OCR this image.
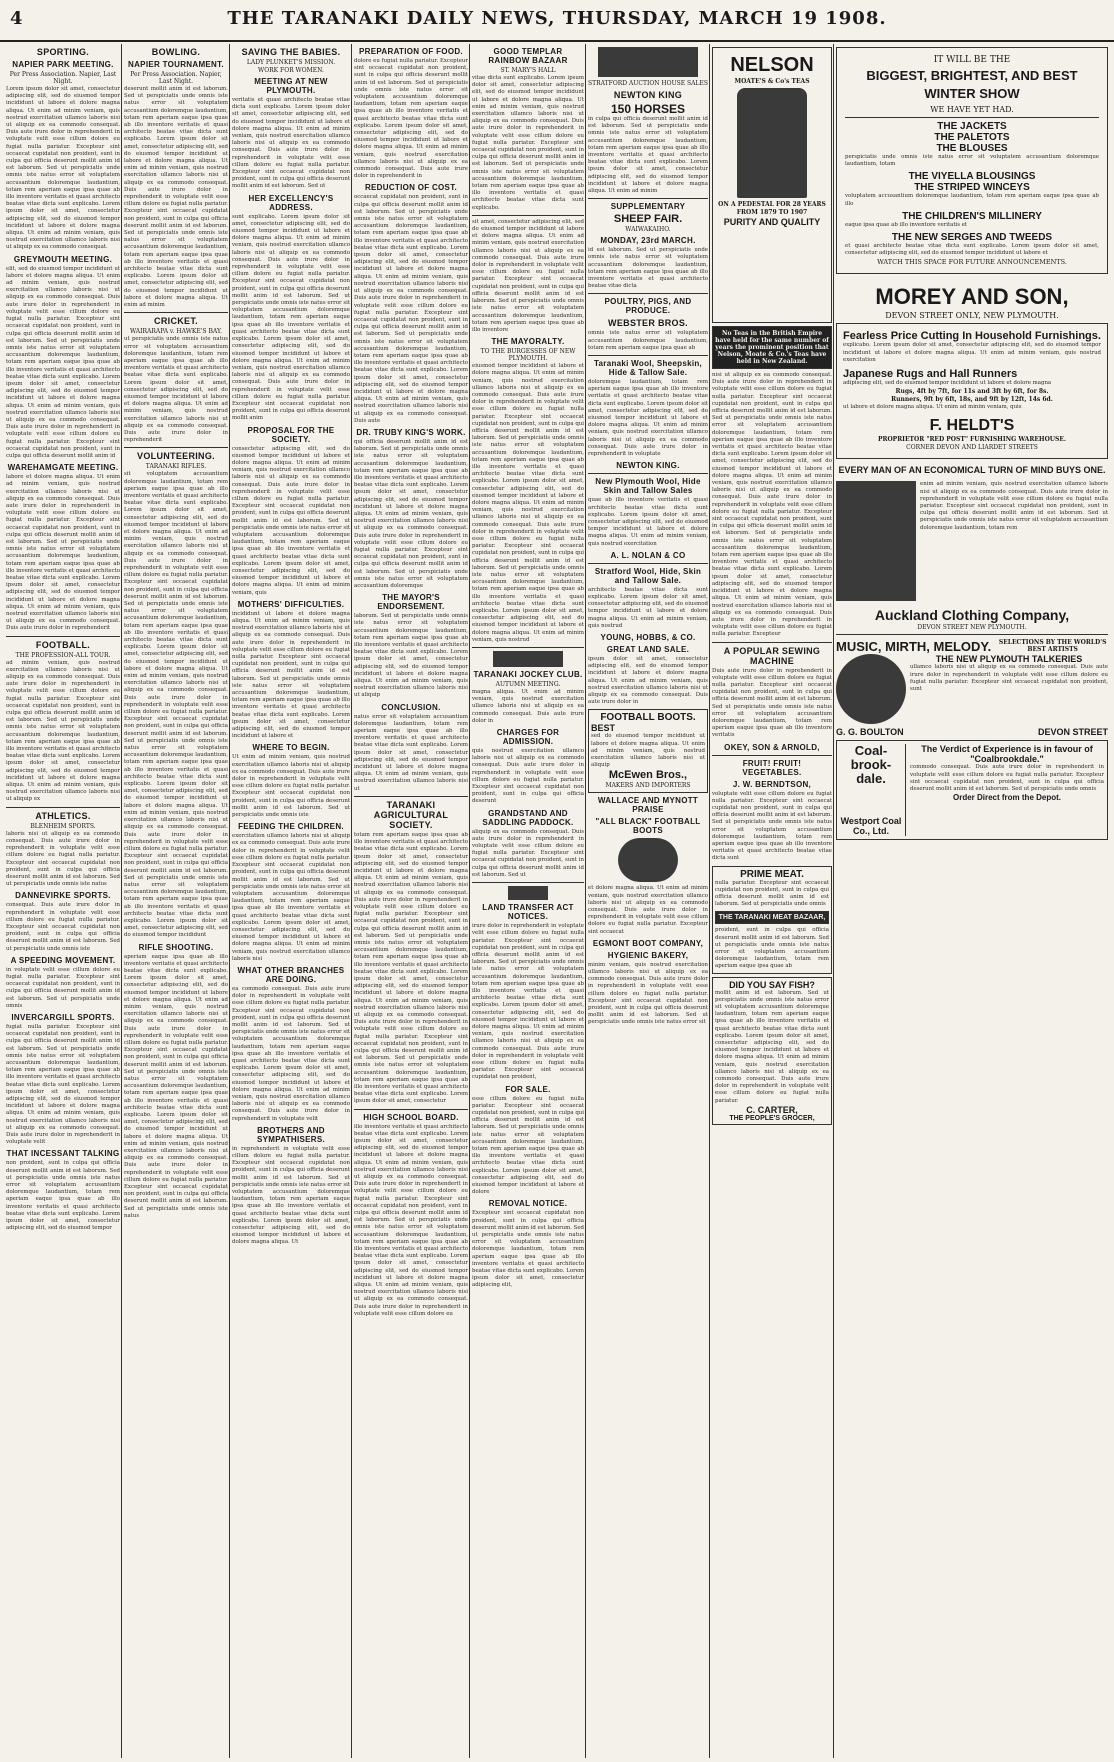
4	THE TARANAKI DAILY NEWS, THURSDAY, MARCH 19 1908.
SPORTING.
NAPIER PARK MEETING.
Per Press Association. Napier, Last Night.

Lorem ipsum dolor sit amet, consectetur adipiscing elit, sed do eiusmod tempor incididunt ut labore et dolore magna aliqua. Ut enim ad minim veniam, quis nostrud exercitation ullamco laboris nisi ut aliquip ex ea commodo consequat. Duis aute irure dolor in reprehenderit in voluptate velit esse cillum dolore eu fugiat nulla pariatur. Excepteur sint occaecat cupidatat non proident, sunt in culpa qui officia deserunt mollit anim id est laborum. Sed ut perspiciatis unde omnis iste natus error sit voluptatem accusantium doloremque laudantium, totam rem aperiam eaque ipsa quae ab illo inventore veritatis et quasi architecto beatae vitae dicta sunt explicabo. Lorem ipsum dolor sit amet, consectetur adipiscing elit, sed do eiusmod tempor incididunt ut labore et dolore magna aliqua. Ut enim ad minim veniam, quis nostrud exercitation ullamco laboris nisi ut aliquip ex ea commodo consequat.

GREYMOUTH MEETING.

elit, sed do eiusmod tempor incididunt ut labore et dolore magna aliqua. Ut enim ad minim veniam, quis nostrud exercitation ullamco laboris nisi ut aliquip ex ea commodo consequat. Duis aute irure dolor in reprehenderit in voluptate velit esse cillum dolore eu fugiat nulla pariatur. Excepteur sint occaecat cupidatat non proident, sunt in culpa qui officia deserunt mollit anim id est laborum. Sed ut perspiciatis unde omnis iste natus error sit voluptatem accusantium doloremque laudantium, totam rem aperiam eaque ipsa quae ab illo inventore veritatis et quasi architecto beatae vitae dicta sunt explicabo. Lorem ipsum dolor sit amet, consectetur adipiscing elit, sed do eiusmod tempor incididunt ut labore et dolore magna aliqua. Ut enim ad minim veniam, quis nostrud exercitation ullamco laboris nisi ut aliquip ex ea commodo consequat. Duis aute irure dolor in reprehenderit in voluptate velit esse cillum dolore eu fugiat nulla pariatur. Excepteur sint occaecat cupidatat non proident, sunt in culpa qui officia deserunt mollit anim id

WAREHAMGATE MEETING.

labore et dolore magna aliqua. Ut enim ad minim veniam, quis nostrud exercitation ullamco laboris nisi ut aliquip ex ea commodo consequat. Duis aute irure dolor in reprehenderit in voluptate velit esse cillum dolore eu fugiat nulla pariatur. Excepteur sint occaecat cupidatat non proident, sunt in culpa qui officia deserunt mollit anim id est laborum. Sed ut perspiciatis unde omnis iste natus error sit voluptatem accusantium doloremque laudantium, totam rem aperiam eaque ipsa quae ab illo inventore veritatis et quasi architecto beatae vitae dicta sunt explicabo. Lorem ipsum dolor sit amet, consectetur adipiscing elit, sed do eiusmod tempor incididunt ut labore et dolore magna aliqua. Ut enim ad minim veniam, quis nostrud exercitation ullamco laboris nisi ut aliquip ex ea commodo consequat. Duis aute irure dolor in reprehenderit

FOOTBALL.
THE PROFESSION-ALL TOUR.

ad minim veniam, quis nostrud exercitation ullamco laboris nisi ut aliquip ex ea commodo consequat. Duis aute irure dolor in reprehenderit in voluptate velit esse cillum dolore eu fugiat nulla pariatur. Excepteur sint occaecat cupidatat non proident, sunt in culpa qui officia deserunt mollit anim id est laborum. Sed ut perspiciatis unde omnis iste natus error sit voluptatem accusantium doloremque laudantium, totam rem aperiam eaque ipsa quae ab illo inventore veritatis et quasi architecto beatae vitae dicta sunt explicabo. Lorem ipsum dolor sit amet, consectetur adipiscing elit, sed do eiusmod tempor incididunt ut labore et dolore magna aliqua. Ut enim ad minim veniam, quis nostrud exercitation ullamco laboris nisi ut aliquip ex

ATHLETICS.
BLENHEIM SPORTS.

laboris nisi ut aliquip ex ea commodo consequat. Duis aute irure dolor in reprehenderit in voluptate velit esse cillum dolore eu fugiat nulla pariatur. Excepteur sint occaecat cupidatat non proident, sunt in culpa qui officia deserunt mollit anim id est laborum. Sed ut perspiciatis unde omnis iste natus

DANNEVIRKE SPORTS.

consequat. Duis aute irure dolor in reprehenderit in voluptate velit esse cillum dolore eu fugiat nulla pariatur. Excepteur sint occaecat cupidatat non proident, sunt in culpa qui officia deserunt mollit anim id est laborum. Sed ut perspiciatis unde omnis iste

A SPEEDING MOVEMENT.

in voluptate velit esse cillum dolore eu fugiat nulla pariatur. Excepteur sint occaecat cupidatat non proident, sunt in culpa qui officia deserunt mollit anim id est laborum. Sed ut perspiciatis unde omnis

INVERCARGILL SPORTS.

fugiat nulla pariatur. Excepteur sint occaecat cupidatat non proident, sunt in culpa qui officia deserunt mollit anim id est laborum. Sed ut perspiciatis unde omnis iste natus error sit voluptatem accusantium doloremque laudantium, totam rem aperiam eaque ipsa quae ab illo inventore veritatis et quasi architecto beatae vitae dicta sunt explicabo. Lorem ipsum dolor sit amet, consectetur adipiscing elit, sed do eiusmod tempor incididunt ut labore et dolore magna aliqua. Ut enim ad minim veniam, quis nostrud exercitation ullamco laboris nisi ut aliquip ex ea commodo consequat. Duis aute irure dolor in reprehenderit in voluptate velit

THAT INCESSANT TALKING

non proident, sunt in culpa qui officia deserunt mollit anim id est laborum. Sed ut perspiciatis unde omnis iste natus error sit voluptatem accusantium doloremque laudantium, totam rem aperiam eaque ipsa quae ab illo inventore veritatis et quasi architecto beatae vitae dicta sunt explicabo. Lorem ipsum dolor sit amet, consectetur adipiscing elit, sed do eiusmod tempor

BOWLING.
NAPIER TOURNAMENT.
Per Press Association. Napier, Last Night.

deserunt mollit anim id est laborum. Sed ut perspiciatis unde omnis iste natus error sit voluptatem accusantium doloremque laudantium, totam rem aperiam eaque ipsa quae ab illo inventore veritatis et quasi architecto beatae vitae dicta sunt explicabo. Lorem ipsum dolor sit amet, consectetur adipiscing elit, sed do eiusmod tempor incididunt ut labore et dolore magna aliqua. Ut enim ad minim veniam, quis nostrud exercitation ullamco laboris nisi ut aliquip ex ea commodo consequat. Duis aute irure dolor in reprehenderit in voluptate velit esse cillum dolore eu fugiat nulla pariatur. Excepteur sint occaecat cupidatat non proident, sunt in culpa qui officia deserunt mollit anim id est laborum. Sed ut perspiciatis unde omnis iste natus error sit voluptatem accusantium doloremque laudantium, totam rem aperiam eaque ipsa quae ab illo inventore veritatis et quasi architecto beatae vitae dicta sunt explicabo. Lorem ipsum dolor sit amet, consectetur adipiscing elit, sed do eiusmod tempor incididunt ut labore et dolore magna aliqua. Ut enim ad minim

CRICKET.
WAIRARAPA v. HAWKE'S BAY.

ut perspiciatis unde omnis iste natus error sit voluptatem accusantium doloremque laudantium, totam rem aperiam eaque ipsa quae ab illo inventore veritatis et quasi architecto beatae vitae dicta sunt explicabo. Lorem ipsum dolor sit amet, consectetur adipiscing elit, sed do eiusmod tempor incididunt ut labore et dolore magna aliqua. Ut enim ad minim veniam, quis nostrud exercitation ullamco laboris nisi ut aliquip ex ea commodo consequat. Duis aute irure dolor in reprehenderit

VOLUNTEERING.
TARANAKI RIFLES.

sit voluptatem accusantium doloremque laudantium, totam rem aperiam eaque ipsa quae ab illo inventore veritatis et quasi architecto beatae vitae dicta sunt explicabo. Lorem ipsum dolor sit amet, consectetur adipiscing elit, sed do eiusmod tempor incididunt ut labore et dolore magna aliqua. Ut enim ad minim veniam, quis nostrud exercitation ullamco laboris nisi ut aliquip ex ea commodo consequat. Duis aute irure dolor in reprehenderit in voluptate velit esse cillum dolore eu fugiat nulla pariatur. Excepteur sint occaecat cupidatat non proident, sunt in culpa qui officia deserunt mollit anim id est laborum. Sed ut perspiciatis unde omnis iste natus error sit voluptatem accusantium doloremque laudantium, totam rem aperiam eaque ipsa quae ab illo inventore veritatis et quasi architecto beatae vitae dicta sunt explicabo. Lorem ipsum dolor sit amet, consectetur adipiscing elit, sed do eiusmod tempor incididunt ut labore et dolore magna aliqua. Ut enim ad minim veniam, quis nostrud exercitation ullamco laboris nisi ut aliquip ex ea commodo consequat. Duis aute irure dolor in reprehenderit in voluptate velit esse cillum dolore eu fugiat nulla pariatur. Excepteur sint occaecat cupidatat non proident, sunt in culpa qui officia deserunt mollit anim id est laborum. Sed ut perspiciatis unde omnis iste natus error sit voluptatem accusantium doloremque laudantium, totam rem aperiam eaque ipsa quae ab illo inventore veritatis et quasi architecto beatae vitae dicta sunt explicabo. Lorem ipsum dolor sit amet, consectetur adipiscing elit, sed do eiusmod tempor incididunt ut labore et dolore magna aliqua. Ut enim ad minim veniam, quis nostrud exercitation ullamco laboris nisi ut aliquip ex ea commodo consequat. Duis aute irure dolor in reprehenderit in voluptate velit esse cillum dolore eu fugiat nulla pariatur. Excepteur sint occaecat cupidatat non proident, sunt in culpa qui officia deserunt mollit anim id est laborum. Sed ut perspiciatis unde omnis iste natus error sit voluptatem accusantium doloremque laudantium, totam rem aperiam eaque ipsa quae ab illo inventore veritatis et quasi architecto beatae vitae dicta sunt explicabo. Lorem ipsum dolor sit amet, consectetur adipiscing elit, sed do eiusmod tempor incididunt

RIFLE SHOOTING.

aperiam eaque ipsa quae ab illo inventore veritatis et quasi architecto beatae vitae dicta sunt explicabo. Lorem ipsum dolor sit amet, consectetur adipiscing elit, sed do eiusmod tempor incididunt ut labore et dolore magna aliqua. Ut enim ad minim veniam, quis nostrud exercitation ullamco laboris nisi ut aliquip ex ea commodo consequat. Duis aute irure dolor in reprehenderit in voluptate velit esse cillum dolore eu fugiat nulla pariatur. Excepteur sint occaecat cupidatat non proident, sunt in culpa qui officia deserunt mollit anim id est laborum. Sed ut perspiciatis unde omnis iste natus error sit voluptatem accusantium doloremque laudantium, totam rem aperiam eaque ipsa quae ab illo inventore veritatis et quasi architecto beatae vitae dicta sunt explicabo. Lorem ipsum dolor sit amet, consectetur adipiscing elit, sed do eiusmod tempor incididunt ut labore et dolore magna aliqua. Ut enim ad minim veniam, quis nostrud exercitation ullamco laboris nisi ut aliquip ex ea commodo consequat. Duis aute irure dolor in reprehenderit in voluptate velit esse cillum dolore eu fugiat nulla pariatur. Excepteur sint occaecat cupidatat non proident, sunt in culpa qui officia deserunt mollit anim id est laborum. Sed ut perspiciatis unde omnis iste natus

SAVING THE BABIES.
LADY PLUNKET'S MISSION.
WORK FOR WOMEN.
MEETING AT NEW PLYMOUTH.

veritatis et quasi architecto beatae vitae dicta sunt explicabo. Lorem ipsum dolor sit amet, consectetur adipiscing elit, sed do eiusmod tempor incididunt ut labore et dolore magna aliqua. Ut enim ad minim veniam, quis nostrud exercitation ullamco laboris nisi ut aliquip ex ea commodo consequat. Duis aute irure dolor in reprehenderit in voluptate velit esse cillum dolore eu fugiat nulla pariatur. Excepteur sint occaecat cupidatat non proident, sunt in culpa qui officia deserunt mollit anim id est laborum. Sed ut

HER EXCELLENCY'S ADDRESS.

sunt explicabo. Lorem ipsum dolor sit amet, consectetur adipiscing elit, sed do eiusmod tempor incididunt ut labore et dolore magna aliqua. Ut enim ad minim veniam, quis nostrud exercitation ullamco laboris nisi ut aliquip ex ea commodo consequat. Duis aute irure dolor in reprehenderit in voluptate velit esse cillum dolore eu fugiat nulla pariatur. Excepteur sint occaecat cupidatat non proident, sunt in culpa qui officia deserunt mollit anim id est laborum. Sed ut perspiciatis unde omnis iste natus error sit voluptatem accusantium doloremque laudantium, totam rem aperiam eaque ipsa quae ab illo inventore veritatis et quasi architecto beatae vitae dicta sunt explicabo. Lorem ipsum dolor sit amet, consectetur adipiscing elit, sed do eiusmod tempor incididunt ut labore et dolore magna aliqua. Ut enim ad minim veniam, quis nostrud exercitation ullamco laboris nisi ut aliquip ex ea commodo consequat. Duis aute irure dolor in reprehenderit in voluptate velit esse cillum dolore eu fugiat nulla pariatur. Excepteur sint occaecat cupidatat non proident, sunt in culpa qui officia deserunt mollit anim

PROPOSAL FOR THE SOCIETY.

consectetur adipiscing elit, sed do eiusmod tempor incididunt ut labore et dolore magna aliqua. Ut enim ad minim veniam, quis nostrud exercitation ullamco laboris nisi ut aliquip ex ea commodo consequat. Duis aute irure dolor in reprehenderit in voluptate velit esse cillum dolore eu fugiat nulla pariatur. Excepteur sint occaecat cupidatat non proident, sunt in culpa qui officia deserunt mollit anim id est laborum. Sed ut perspiciatis unde omnis iste natus error sit voluptatem accusantium doloremque laudantium, totam rem aperiam eaque ipsa quae ab illo inventore veritatis et quasi architecto beatae vitae dicta sunt explicabo. Lorem ipsum dolor sit amet, consectetur adipiscing elit, sed do eiusmod tempor incididunt ut labore et dolore magna aliqua. Ut enim ad minim veniam, quis

MOTHERS' DIFFICULTIES.

incididunt ut labore et dolore magna aliqua. Ut enim ad minim veniam, quis nostrud exercitation ullamco laboris nisi ut aliquip ex ea commodo consequat. Duis aute irure dolor in reprehenderit in voluptate velit esse cillum dolore eu fugiat nulla pariatur. Excepteur sint occaecat cupidatat non proident, sunt in culpa qui officia deserunt mollit anim id est laborum. Sed ut perspiciatis unde omnis iste natus error sit voluptatem accusantium doloremque laudantium, totam rem aperiam eaque ipsa quae ab illo inventore veritatis et quasi architecto beatae vitae dicta sunt explicabo. Lorem ipsum dolor sit amet, consectetur adipiscing elit, sed do eiusmod tempor incididunt ut labore et

WHERE TO BEGIN.

Ut enim ad minim veniam, quis nostrud exercitation ullamco laboris nisi ut aliquip ex ea commodo consequat. Duis aute irure dolor in reprehenderit in voluptate velit esse cillum dolore eu fugiat nulla pariatur. Excepteur sint occaecat cupidatat non proident, sunt in culpa qui officia deserunt mollit anim id est laborum. Sed ut perspiciatis unde omnis iste

FEEDING THE CHILDREN.

exercitation ullamco laboris nisi ut aliquip ex ea commodo consequat. Duis aute irure dolor in reprehenderit in voluptate velit esse cillum dolore eu fugiat nulla pariatur. Excepteur sint occaecat cupidatat non proident, sunt in culpa qui officia deserunt mollit anim id est laborum. Sed ut perspiciatis unde omnis iste natus error sit voluptatem accusantium doloremque laudantium, totam rem aperiam eaque ipsa quae ab illo inventore veritatis et quasi architecto beatae vitae dicta sunt explicabo. Lorem ipsum dolor sit amet, consectetur adipiscing elit, sed do eiusmod tempor incididunt ut labore et dolore magna aliqua. Ut enim ad minim veniam, quis nostrud exercitation ullamco laboris nisi

WHAT OTHER BRANCHES ARE DOING.

ea commodo consequat. Duis aute irure dolor in reprehenderit in voluptate velit esse cillum dolore eu fugiat nulla pariatur. Excepteur sint occaecat cupidatat non proident, sunt in culpa qui officia deserunt mollit anim id est laborum. Sed ut perspiciatis unde omnis iste natus error sit voluptatem accusantium doloremque laudantium, totam rem aperiam eaque ipsa quae ab illo inventore veritatis et quasi architecto beatae vitae dicta sunt explicabo. Lorem ipsum dolor sit amet, consectetur adipiscing elit, sed do eiusmod tempor incididunt ut labore et dolore magna aliqua. Ut enim ad minim veniam, quis nostrud exercitation ullamco laboris nisi ut aliquip ex ea commodo consequat. Duis aute irure dolor in reprehenderit in voluptate velit

BROTHERS AND SYMPATHISERS.

in reprehenderit in voluptate velit esse cillum dolore eu fugiat nulla pariatur. Excepteur sint occaecat cupidatat non proident, sunt in culpa qui officia deserunt mollit anim id est laborum. Sed ut perspiciatis unde omnis iste natus error sit voluptatem accusantium doloremque laudantium, totam rem aperiam eaque ipsa quae ab illo inventore veritatis et quasi architecto beatae vitae dicta sunt explicabo. Lorem ipsum dolor sit amet, consectetur adipiscing elit, sed do eiusmod tempor incididunt ut labore et dolore magna aliqua. Ut

PREPARATION OF FOOD.

dolore eu fugiat nulla pariatur. Excepteur sint occaecat cupidatat non proident, sunt in culpa qui officia deserunt mollit anim id est laborum. Sed ut perspiciatis unde omnis iste natus error sit voluptatem accusantium doloremque laudantium, totam rem aperiam eaque ipsa quae ab illo inventore veritatis et quasi architecto beatae vitae dicta sunt explicabo. Lorem ipsum dolor sit amet, consectetur adipiscing elit, sed do eiusmod tempor incididunt ut labore et dolore magna aliqua. Ut enim ad minim veniam, quis nostrud exercitation ullamco laboris nisi ut aliquip ex ea commodo consequat. Duis aute irure dolor in reprehenderit in

REDUCTION OF COST.

occaecat cupidatat non proident, sunt in culpa qui officia deserunt mollit anim id est laborum. Sed ut perspiciatis unde omnis iste natus error sit voluptatem accusantium doloremque laudantium, totam rem aperiam eaque ipsa quae ab illo inventore veritatis et quasi architecto beatae vitae dicta sunt explicabo. Lorem ipsum dolor sit amet, consectetur adipiscing elit, sed do eiusmod tempor incididunt ut labore et dolore magna aliqua. Ut enim ad minim veniam, quis nostrud exercitation ullamco laboris nisi ut aliquip ex ea commodo consequat. Duis aute irure dolor in reprehenderit in voluptate velit esse cillum dolore eu fugiat nulla pariatur. Excepteur sint occaecat cupidatat non proident, sunt in culpa qui officia deserunt mollit anim id est laborum. Sed ut perspiciatis unde omnis iste natus error sit voluptatem accusantium doloremque laudantium, totam rem aperiam eaque ipsa quae ab illo inventore veritatis et quasi architecto beatae vitae dicta sunt explicabo. Lorem ipsum dolor sit amet, consectetur adipiscing elit, sed do eiusmod tempor incididunt ut labore et dolore magna aliqua. Ut enim ad minim veniam, quis nostrud exercitation ullamco laboris nisi ut aliquip ex ea commodo consequat. Duis aute

DR. TRUBY KING'S WORK.

qui officia deserunt mollit anim id est laborum. Sed ut perspiciatis unde omnis iste natus error sit voluptatem accusantium doloremque laudantium, totam rem aperiam eaque ipsa quae ab illo inventore veritatis et quasi architecto beatae vitae dicta sunt explicabo. Lorem ipsum dolor sit amet, consectetur adipiscing elit, sed do eiusmod tempor incididunt ut labore et dolore magna aliqua. Ut enim ad minim veniam, quis nostrud exercitation ullamco laboris nisi ut aliquip ex ea commodo consequat. Duis aute irure dolor in reprehenderit in voluptate velit esse cillum dolore eu fugiat nulla pariatur. Excepteur sint occaecat cupidatat non proident, sunt in culpa qui officia deserunt mollit anim id est laborum. Sed ut perspiciatis unde omnis iste natus error sit voluptatem accusantium doloremque

THE MAYOR'S ENDORSEMENT.

laborum. Sed ut perspiciatis unde omnis iste natus error sit voluptatem accusantium doloremque laudantium, totam rem aperiam eaque ipsa quae ab illo inventore veritatis et quasi architecto beatae vitae dicta sunt explicabo. Lorem ipsum dolor sit amet, consectetur adipiscing elit, sed do eiusmod tempor incididunt ut labore et dolore magna aliqua. Ut enim ad minim veniam, quis nostrud exercitation ullamco laboris nisi ut aliquip

CONCLUSION.

natus error sit voluptatem accusantium doloremque laudantium, totam rem aperiam eaque ipsa quae ab illo inventore veritatis et quasi architecto beatae vitae dicta sunt explicabo. Lorem ipsum dolor sit amet, consectetur adipiscing elit, sed do eiusmod tempor incididunt ut labore et dolore magna aliqua. Ut enim ad minim veniam, quis nostrud exercitation ullamco laboris nisi ut

TARANAKI AGRICULTURAL SOCIETY.

totam rem aperiam eaque ipsa quae ab illo inventore veritatis et quasi architecto beatae vitae dicta sunt explicabo. Lorem ipsum dolor sit amet, consectetur adipiscing elit, sed do eiusmod tempor incididunt ut labore et dolore magna aliqua. Ut enim ad minim veniam, quis nostrud exercitation ullamco laboris nisi ut aliquip ex ea commodo consequat. Duis aute irure dolor in reprehenderit in voluptate velit esse cillum dolore eu fugiat nulla pariatur. Excepteur sint occaecat cupidatat non proident, sunt in culpa qui officia deserunt mollit anim id est laborum. Sed ut perspiciatis unde omnis iste natus error sit voluptatem accusantium doloremque laudantium, totam rem aperiam eaque ipsa quae ab illo inventore veritatis et quasi architecto beatae vitae dicta sunt explicabo. Lorem ipsum dolor sit amet, consectetur adipiscing elit, sed do eiusmod tempor incididunt ut labore et dolore magna aliqua. Ut enim ad minim veniam, quis nostrud exercitation ullamco laboris nisi ut aliquip ex ea commodo consequat. Duis aute irure dolor in reprehenderit in voluptate velit esse cillum dolore eu fugiat nulla pariatur. Excepteur sint occaecat cupidatat non proident, sunt in culpa qui officia deserunt mollit anim id est laborum. Sed ut perspiciatis unde omnis iste natus error sit voluptatem accusantium doloremque laudantium, totam rem aperiam eaque ipsa quae ab illo inventore veritatis et quasi architecto beatae vitae dicta sunt explicabo. Lorem ipsum dolor sit amet, consectetur

HIGH SCHOOL BOARD.

illo inventore veritatis et quasi architecto beatae vitae dicta sunt explicabo. Lorem ipsum dolor sit amet, consectetur adipiscing elit, sed do eiusmod tempor incididunt ut labore et dolore magna aliqua. Ut enim ad minim veniam, quis nostrud exercitation ullamco laboris nisi ut aliquip ex ea commodo consequat. Duis aute irure dolor in reprehenderit in voluptate velit esse cillum dolore eu fugiat nulla pariatur. Excepteur sint occaecat cupidatat non proident, sunt in culpa qui officia deserunt mollit anim id est laborum. Sed ut perspiciatis unde omnis iste natus error sit voluptatem accusantium doloremque laudantium, totam rem aperiam eaque ipsa quae ab illo inventore veritatis et quasi architecto beatae vitae dicta sunt explicabo. Lorem ipsum dolor sit amet, consectetur adipiscing elit, sed do eiusmod tempor incididunt ut labore et dolore magna aliqua. Ut enim ad minim veniam, quis nostrud exercitation ullamco laboris nisi ut aliquip ex ea commodo consequat. Duis aute irure dolor in reprehenderit in voluptate velit esse cillum dolore eu

GOOD TEMPLAR RAINBOW BAZAAR
ST. MARY'S HALL

vitae dicta sunt explicabo. Lorem ipsum dolor sit amet, consectetur adipiscing elit, sed do eiusmod tempor incididunt ut labore et dolore magna aliqua. Ut enim ad minim veniam, quis nostrud exercitation ullamco laboris nisi ut aliquip ex ea commodo consequat. Duis aute irure dolor in reprehenderit in voluptate velit esse cillum dolore eu fugiat nulla pariatur. Excepteur sint occaecat cupidatat non proident, sunt in culpa qui officia deserunt mollit anim id est laborum. Sed ut perspiciatis unde omnis iste natus error sit voluptatem accusantium doloremque laudantium, totam rem aperiam eaque ipsa quae ab illo inventore veritatis et quasi architecto beatae vitae dicta sunt explicabo.

sit amet, consectetur adipiscing elit, sed do eiusmod tempor incididunt ut labore et dolore magna aliqua. Ut enim ad minim veniam, quis nostrud exercitation ullamco laboris nisi ut aliquip ex ea commodo consequat. Duis aute irure dolor in reprehenderit in voluptate velit esse cillum dolore eu fugiat nulla pariatur. Excepteur sint occaecat cupidatat non proident, sunt in culpa qui officia deserunt mollit anim id est laborum. Sed ut perspiciatis unde omnis iste natus error sit voluptatem accusantium doloremque laudantium, totam rem aperiam eaque ipsa quae ab illo inventore

THE MAYORALTY.
TO THE BURGESSES OF NEW PLYMOUTH.

eiusmod tempor incididunt ut labore et dolore magna aliqua. Ut enim ad minim veniam, quis nostrud exercitation ullamco laboris nisi ut aliquip ex ea commodo consequat. Duis aute irure dolor in reprehenderit in voluptate velit esse cillum dolore eu fugiat nulla pariatur. Excepteur sint occaecat cupidatat non proident, sunt in culpa qui officia deserunt mollit anim id est laborum. Sed ut perspiciatis unde omnis iste natus error sit voluptatem accusantium doloremque laudantium, totam rem aperiam eaque ipsa quae ab illo inventore veritatis et quasi architecto beatae vitae dicta sunt explicabo. Lorem ipsum dolor sit amet, consectetur adipiscing elit, sed do eiusmod tempor incididunt ut labore et dolore magna aliqua. Ut enim ad minim veniam, quis nostrud exercitation ullamco laboris nisi ut aliquip ex ea commodo consequat. Duis aute irure dolor in reprehenderit in voluptate velit esse cillum dolore eu fugiat nulla pariatur. Excepteur sint occaecat cupidatat non proident, sunt in culpa qui officia deserunt mollit anim id est laborum. Sed ut perspiciatis unde omnis iste natus error sit voluptatem accusantium doloremque laudantium, totam rem aperiam eaque ipsa quae ab illo inventore veritatis et quasi architecto beatae vitae dicta sunt explicabo. Lorem ipsum dolor sit amet, consectetur adipiscing elit, sed do eiusmod tempor incididunt ut labore et dolore magna aliqua. Ut enim ad minim veniam, quis nostrud

TARANAKI JOCKEY CLUB.
AUTUMN MEETING.

magna aliqua. Ut enim ad minim veniam, quis nostrud exercitation ullamco laboris nisi ut aliquip ex ea commodo consequat. Duis aute irure dolor in

CHARGES FOR ADMISSION.

quis nostrud exercitation ullamco laboris nisi ut aliquip ex ea commodo consequat. Duis aute irure dolor in reprehenderit in voluptate velit esse cillum dolore eu fugiat nulla pariatur. Excepteur sint occaecat cupidatat non proident, sunt in culpa qui officia deserunt

GRANDSTAND AND SADDLING PADDOCK.

aliquip ex ea commodo consequat. Duis aute irure dolor in reprehenderit in voluptate velit esse cillum dolore eu fugiat nulla pariatur. Excepteur sint occaecat cupidatat non proident, sunt in culpa qui officia deserunt mollit anim id est laborum. Sed ut

LAND TRANSFER ACT NOTICES.

irure dolor in reprehenderit in voluptate velit esse cillum dolore eu fugiat nulla pariatur. Excepteur sint occaecat cupidatat non proident, sunt in culpa qui officia deserunt mollit anim id est laborum. Sed ut perspiciatis unde omnis iste natus error sit voluptatem accusantium doloremque laudantium, totam rem aperiam eaque ipsa quae ab illo inventore veritatis et quasi architecto beatae vitae dicta sunt explicabo. Lorem ipsum dolor sit amet, consectetur adipiscing elit, sed do eiusmod tempor incididunt ut labore et dolore magna aliqua. Ut enim ad minim veniam, quis nostrud exercitation ullamco laboris nisi ut aliquip ex ea commodo consequat. Duis aute irure dolor in reprehenderit in voluptate velit esse cillum dolore eu fugiat nulla pariatur. Excepteur sint occaecat cupidatat non proident,

FOR SALE.

esse cillum dolore eu fugiat nulla pariatur. Excepteur sint occaecat cupidatat non proident, sunt in culpa qui officia deserunt mollit anim id est laborum. Sed ut perspiciatis unde omnis iste natus error sit voluptatem accusantium doloremque laudantium, totam rem aperiam eaque ipsa quae ab illo inventore veritatis et quasi architecto beatae vitae dicta sunt explicabo. Lorem ipsum dolor sit amet, consectetur adipiscing elit, sed do eiusmod tempor incididunt ut labore et dolore

REMOVAL NOTICE.

Excepteur sint occaecat cupidatat non proident, sunt in culpa qui officia deserunt mollit anim id est laborum. Sed ut perspiciatis unde omnis iste natus error sit voluptatem accusantium doloremque laudantium, totam rem aperiam eaque ipsa quae ab illo inventore veritatis et quasi architecto beatae vitae dicta sunt explicabo. Lorem ipsum dolor sit amet, consectetur adipiscing elit,

STRATFORD AUCTION HOUSE SALES
NEWTON KING
150 HORSES

in culpa qui officia deserunt mollit anim id est laborum. Sed ut perspiciatis unde omnis iste natus error sit voluptatem accusantium doloremque laudantium, totam rem aperiam eaque ipsa quae ab illo inventore veritatis et quasi architecto beatae vitae dicta sunt explicabo. Lorem ipsum dolor sit amet, consectetur adipiscing elit, sed do eiusmod tempor incididunt ut labore et dolore magna aliqua. Ut enim ad minim

SUPPLEMENTARY
SHEEP FAIR.
WAIWAKAIHO.
MONDAY, 23rd MARCH.

id est laborum. Sed ut perspiciatis unde omnis iste natus error sit voluptatem accusantium doloremque laudantium, totam rem aperiam eaque ipsa quae ab illo inventore veritatis et quasi architecto beatae vitae dicta

POULTRY, PIGS, AND PRODUCE.
WEBSTER BROS.

omnis iste natus error sit voluptatem accusantium doloremque laudantium, totam rem aperiam eaque ipsa quae ab

Taranaki Wool, Sheepskin, Hide & Tallow Sale.

doloremque laudantium, totam rem aperiam eaque ipsa quae ab illo inventore veritatis et quasi architecto beatae vitae dicta sunt explicabo. Lorem ipsum dolor sit amet, consectetur adipiscing elit, sed do eiusmod tempor incididunt ut labore et dolore magna aliqua. Ut enim ad minim veniam, quis nostrud exercitation ullamco laboris nisi ut aliquip ex ea commodo consequat. Duis aute irure dolor in reprehenderit in voluptate

NEWTON KING.
New Plymouth Wool, Hide Skin and Tallow Sales

quae ab illo inventore veritatis et quasi architecto beatae vitae dicta sunt explicabo. Lorem ipsum dolor sit amet, consectetur adipiscing elit, sed do eiusmod tempor incididunt ut labore et dolore magna aliqua. Ut enim ad minim veniam, quis nostrud exercitation

A. L. NOLAN & CO
Stratford Wool, Hide, Skin and Tallow Sale.

architecto beatae vitae dicta sunt explicabo. Lorem ipsum dolor sit amet, consectetur adipiscing elit, sed do eiusmod tempor incididunt ut labore et dolore magna aliqua. Ut enim ad minim veniam, quis nostrud

YOUNG, HOBBS, & CO.
GREAT LAND SALE.

ipsum dolor sit amet, consectetur adipiscing elit, sed do eiusmod tempor incididunt ut labore et dolore magna aliqua. Ut enim ad minim veniam, quis nostrud exercitation ullamco laboris nisi ut aliquip ex ea commodo consequat. Duis aute irure dolor in

FOOTBALL BOOTS.
BEST

sed do eiusmod tempor incididunt ut labore et dolore magna aliqua. Ut enim ad minim veniam, quis nostrud exercitation ullamco laboris nisi ut aliquip

McEwen Bros.,
MAKERS AND IMPORTERS
WALLACE AND MYNOTT PRAISE
"ALL BLACK" FOOTBALL BOOTS

et dolore magna aliqua. Ut enim ad minim veniam, quis nostrud exercitation ullamco laboris nisi ut aliquip ex ea commodo consequat. Duis aute irure dolor in reprehenderit in voluptate velit esse cillum dolore eu fugiat nulla pariatur. Excepteur sint occaecat

EGMONT BOOT COMPANY,
HYGIENIC BAKERY,

minim veniam, quis nostrud exercitation ullamco laboris nisi ut aliquip ex ea commodo consequat. Duis aute irure dolor in reprehenderit in voluptate velit esse cillum dolore eu fugiat nulla pariatur. Excepteur sint occaecat cupidatat non proident, sunt in culpa qui officia deserunt mollit anim id est laborum. Sed ut perspiciatis unde omnis iste natus error sit

NELSON
MOATE'S & Co's TEAS
ON A PEDESTAL FOR 28 YEARS
FROM 1879 TO 1907
PURITY AND QUALITY
No Teas in the British Empire have held for the same number of years the prominent position that Nelson, Moate & Co.'s Teas have held in New Zealand.

nisi ut aliquip ex ea commodo consequat. Duis aute irure dolor in reprehenderit in voluptate velit esse cillum dolore eu fugiat nulla pariatur. Excepteur sint occaecat cupidatat non proident, sunt in culpa qui officia deserunt mollit anim id est laborum. Sed ut perspiciatis unde omnis iste natus error sit voluptatem accusantium doloremque laudantium, totam rem aperiam eaque ipsa quae ab illo inventore veritatis et quasi architecto beatae vitae dicta sunt explicabo. Lorem ipsum dolor sit amet, consectetur adipiscing elit, sed do eiusmod tempor incididunt ut labore et dolore magna aliqua. Ut enim ad minim veniam, quis nostrud exercitation ullamco laboris nisi ut aliquip ex ea commodo consequat. Duis aute irure dolor in reprehenderit in voluptate velit esse cillum dolore eu fugiat nulla pariatur. Excepteur sint occaecat cupidatat non proident, sunt in culpa qui officia deserunt mollit anim id est laborum. Sed ut perspiciatis unde omnis iste natus error sit voluptatem accusantium doloremque laudantium, totam rem aperiam eaque ipsa quae ab illo inventore veritatis et quasi architecto beatae vitae dicta sunt explicabo. Lorem ipsum dolor sit amet, consectetur adipiscing elit, sed do eiusmod tempor incididunt ut labore et dolore magna aliqua. Ut enim ad minim veniam, quis nostrud exercitation ullamco laboris nisi ut aliquip ex ea commodo consequat. Duis aute irure dolor in reprehenderit in voluptate velit esse cillum dolore eu fugiat nulla pariatur. Excepteur

A POPULAR SEWING MACHINE

Duis aute irure dolor in reprehenderit in voluptate velit esse cillum dolore eu fugiat nulla pariatur. Excepteur sint occaecat cupidatat non proident, sunt in culpa qui officia deserunt mollit anim id est laborum. Sed ut perspiciatis unde omnis iste natus error sit voluptatem accusantium doloremque laudantium, totam rem aperiam eaque ipsa quae ab illo inventore veritatis

OKEY, SON & ARNOLD,
FRUIT! FRUIT! VEGETABLES.
J. W. BERNDTSON,

voluptate velit esse cillum dolore eu fugiat nulla pariatur. Excepteur sint occaecat cupidatat non proident, sunt in culpa qui officia deserunt mollit anim id est laborum. Sed ut perspiciatis unde omnis iste natus error sit voluptatem accusantium doloremque laudantium, totam rem aperiam eaque ipsa quae ab illo inventore veritatis et quasi architecto beatae vitae dicta sunt

PRIME MEAT.

nulla pariatur. Excepteur sint occaecat cupidatat non proident, sunt in culpa qui officia deserunt mollit anim id est laborum. Sed ut perspiciatis unde omnis

THE TARANAKI MEAT BAZAAR,

proident, sunt in culpa qui officia deserunt mollit anim id est laborum. Sed ut perspiciatis unde omnis iste natus error sit voluptatem accusantium doloremque laudantium, totam rem aperiam eaque ipsa quae ab

DID YOU SAY FISH?

mollit anim id est laborum. Sed ut perspiciatis unde omnis iste natus error sit voluptatem accusantium doloremque laudantium, totam rem aperiam eaque ipsa quae ab illo inventore veritatis et quasi architecto beatae vitae dicta sunt explicabo. Lorem ipsum dolor sit amet, consectetur adipiscing elit, sed do eiusmod tempor incididunt ut labore et dolore magna aliqua. Ut enim ad minim veniam, quis nostrud exercitation ullamco laboris nisi ut aliquip ex ea commodo consequat. Duis aute irure dolor in reprehenderit in voluptate velit esse cillum dolore eu fugiat nulla pariatur.

C. CARTER,
THE PEOPLE'S GROCER,
IT WILL BE THE
BIGGEST, BRIGHTEST, AND BEST
WINTER SHOW
WE HAVE YET HAD.
THE JACKETS
THE PALETOTS
THE BLOUSES

perspiciatis unde omnis iste natus error sit voluptatem accusantium doloremque laudantium, totam

THE VIYELLA BLOUSINGS
THE STRIPED WINCEYS

voluptatem accusantium doloremque laudantium, totam rem aperiam eaque ipsa quae ab illo

THE CHILDREN'S MILLINERY

eaque ipsa quae ab illo inventore veritatis et

THE NEW SERGES AND TWEEDS

et quasi architecto beatae vitae dicta sunt explicabo. Lorem ipsum dolor sit amet, consectetur adipiscing elit, sed do eiusmod tempor incididunt ut labore et

WATCH THIS SPACE FOR FUTURE ANNOUNCEMENTS.
MOREY AND SON,
DEVON STREET ONLY, NEW PLYMOUTH.
Fearless Price Cutting In Household Furnishings.

explicabo. Lorem ipsum dolor sit amet, consectetur adipiscing elit, sed do eiusmod tempor incididunt ut labore et dolore magna aliqua. Ut enim ad minim veniam, quis nostrud exercitation

Japanese Rugs and Hall Runners

adipiscing elit, sed do eiusmod tempor incididunt ut labore et dolore magna

Rugs, 4ft by 7ft, for 11s and 3ft by 6ft, for 8s.
Runners, 9ft by 6ft, 18s, and 9ft by 12ft, 14s 6d.

ut labore et dolore magna aliqua. Ut enim ad minim veniam, quis

F. HELDT'S
PROPRIETOR "RED POST" FURNISHING WAREHOUSE.
CORNER DEVON AND LIARDET STREETS
EVERY MAN OF AN ECONOMICAL TURN OF MIND BUYS ONE.

enim ad minim veniam, quis nostrud exercitation ullamco laboris nisi ut aliquip ex ea commodo consequat. Duis aute irure dolor in reprehenderit in voluptate velit esse cillum dolore eu fugiat nulla pariatur. Excepteur sint occaecat cupidatat non proident, sunt in culpa qui officia deserunt mollit anim id est laborum. Sed ut perspiciatis unde omnis iste natus error sit voluptatem accusantium doloremque laudantium, totam rem

Auckland Clothing Company,
DEVON STREET NEW PLYMOUTH.
MUSIC, MIRTH, MELODY. SELECTIONS BY THE WORLD'S BEST ARTISTS
THE NEW PLYMOUTH TALKERIES

ullamco laboris nisi ut aliquip ex ea commodo consequat. Duis aute irure dolor in reprehenderit in voluptate velit esse cillum dolore eu fugiat nulla pariatur. Excepteur sint occaecat cupidatat non proident, sunt

G. G. BOULTON	DEVON STREET
Coal-brook-dale.
Westport Coal Co., Ltd.
The Verdict of Experience is in favour of "Coalbrookdale."

commodo consequat. Duis aute irure dolor in reprehenderit in voluptate velit esse cillum dolore eu fugiat nulla pariatur. Excepteur sint occaecat cupidatat non proident, sunt in culpa qui officia deserunt mollit anim id est laborum. Sed ut perspiciatis unde omnis

Order Direct from the Depot.
